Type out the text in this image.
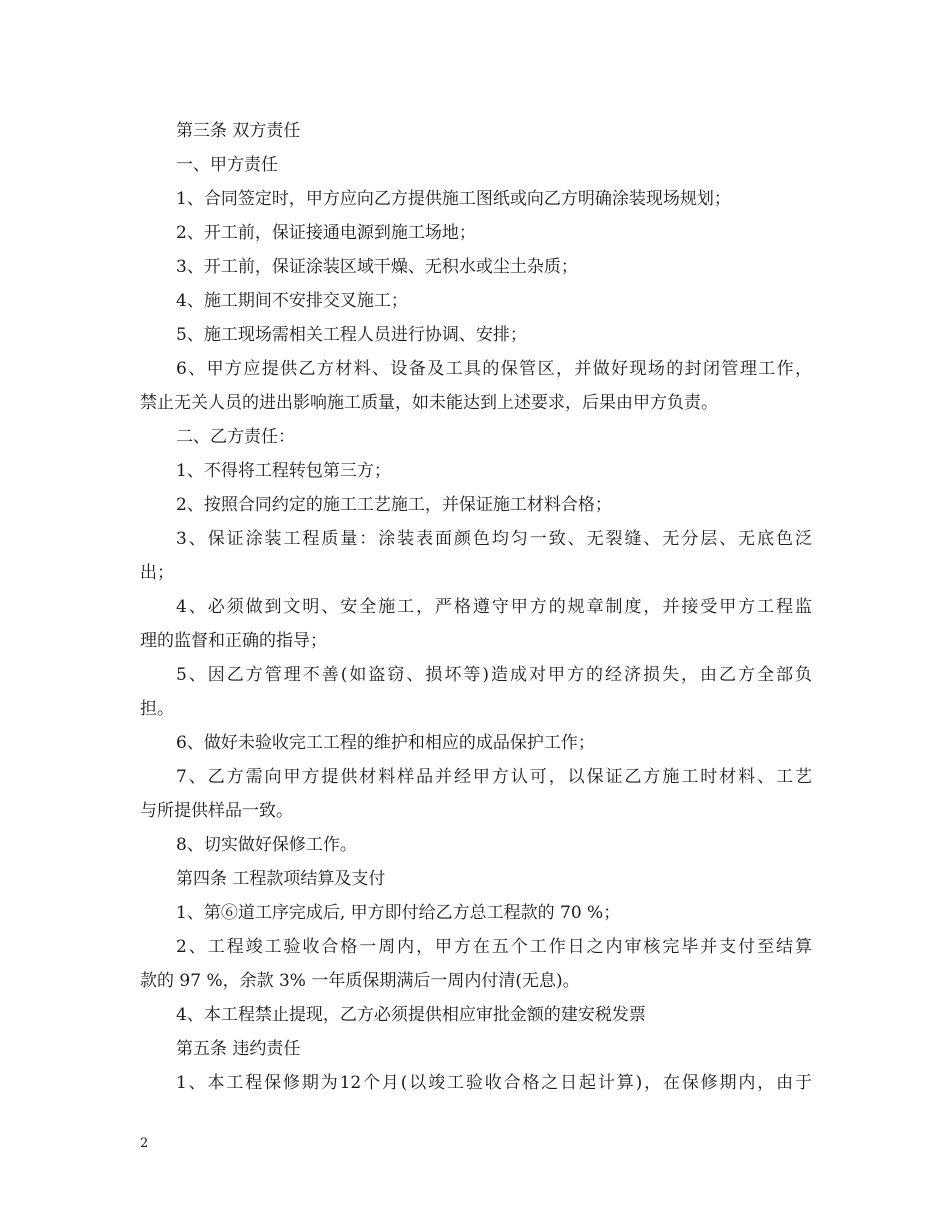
第三条 双方责任
一、甲方责任
1、合同签定时，甲方应向乙方提供施工图纸或向乙方明确涂装现场规划；
2、开工前，保证接通电源到施工场地；
3、开工前，保证涂装区域干燥、无积水或尘土杂质；
4、施工期间不安排交叉施工；
5、施工现场需相关工程人员进行协调、安排；
6、甲方应提供乙方材料、设备及工具的保管区，并做好现场的封闭管理工作，
禁止无关人员的进出影响施工质量，如未能达到上述要求，后果由甲方负责。
二、乙方责任：
1、不得将工程转包第三方；
2、按照合同约定的施工工艺施工，并保证施工材料合格；
3、保证涂装工程质量：涂装表面颜色均匀一致、无裂缝、无分层、无底色泛
出；
4、必须做到文明、安全施工，严格遵守甲方的规章制度，并接受甲方工程监
理的监督和正确的指导；
5、因乙方管理不善(如盗窃、损坏等)造成对甲方的经济损失，由乙方全部负
担。
6、做好未验收完工工程的维护和相应的成品保护工作；
7、乙方需向甲方提供材料样品并经甲方认可，以保证乙方施工时材料、工艺
与所提供样品一致。
8、切实做好保修工作。
第四条 工程款项结算及支付
1、第⑥道工序完成后, 甲方即付给乙方总工程款的 70 %；
2、工程竣工验收合格一周内，甲方在五个工作日之内审核完毕并支付至结算
款的 97 %，余款 3% 一年质保期满后一周内付清(无息)。
4、本工程禁止提现，乙方必须提供相应审批金额的建安税发票
第五条 违约责任
1、本工程保修期为12个月(以竣工验收合格之日起计算)，在保修期内，由于
2
